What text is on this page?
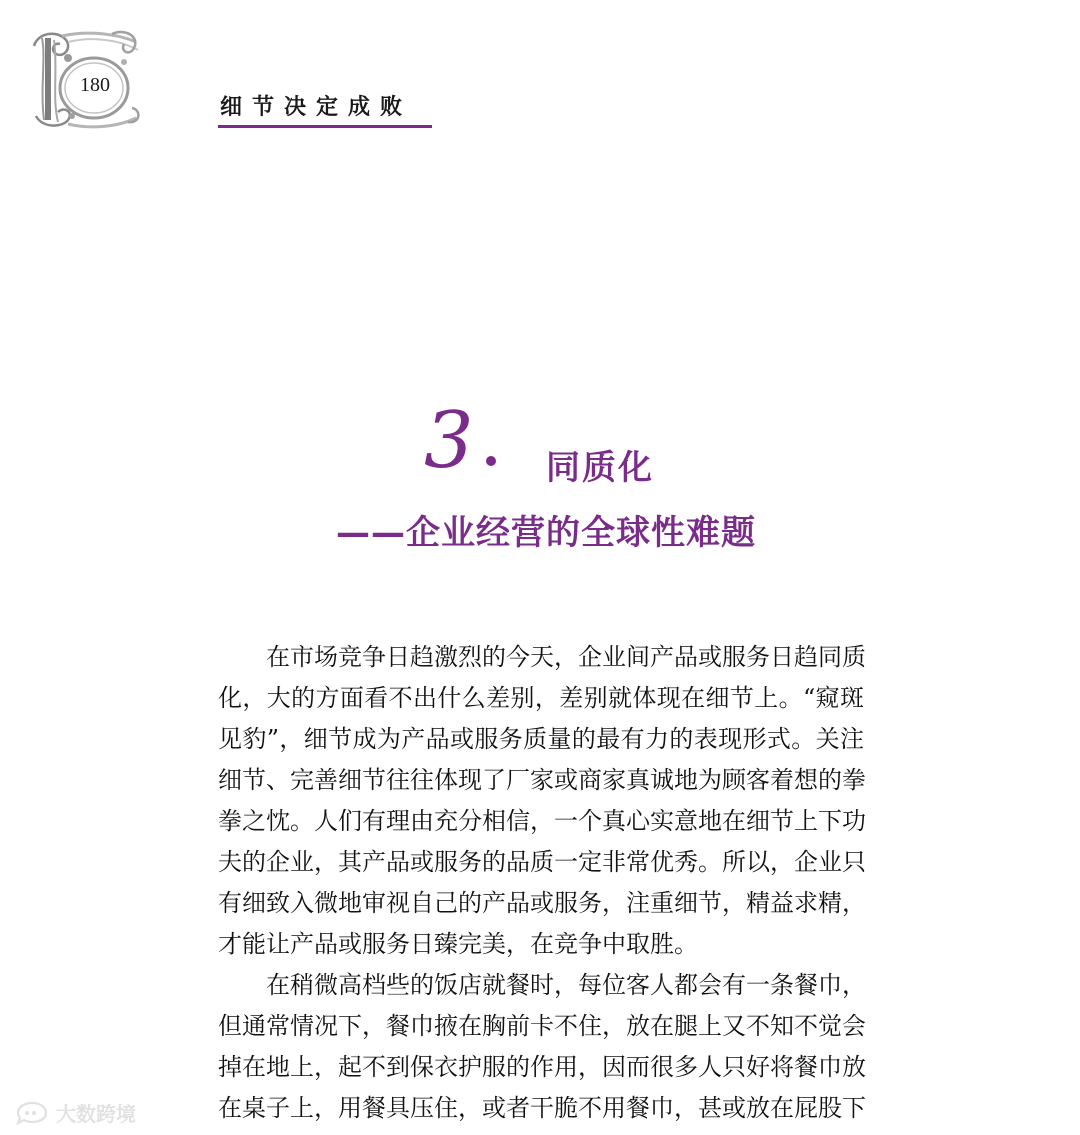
180
细节决定成败
3 同质化
——企业经营的全球性难题
在市场竞争日趋激烈的今天，企业间产品或服务日趋同质
化，大的方面看不出什么差别，差别就体现在细节上。“窥斑
见豹”，细节成为产品或服务质量的最有力的表现形式。关注
细节、完善细节往往体现了厂家或商家真诚地为顾客着想的拳
拳之忱。人们有理由充分相信，一个真心实意地在细节上下功
夫的企业，其产品或服务的品质一定非常优秀。所以，企业只
有细致入微地审视自己的产品或服务，注重细节，精益求精，
才能让产品或服务日臻完美，在竞争中取胜。
在稍微高档些的饭店就餐时，每位客人都会有一条餐巾，
但通常情况下，餐巾掖在胸前卡不住，放在腿上又不知不觉会
掉在地上，起不到保衣护服的作用，因而很多人只好将餐巾放
在桌子上，用餐具压住，或者干脆不用餐巾，甚或放在屁股下
大数跨境
